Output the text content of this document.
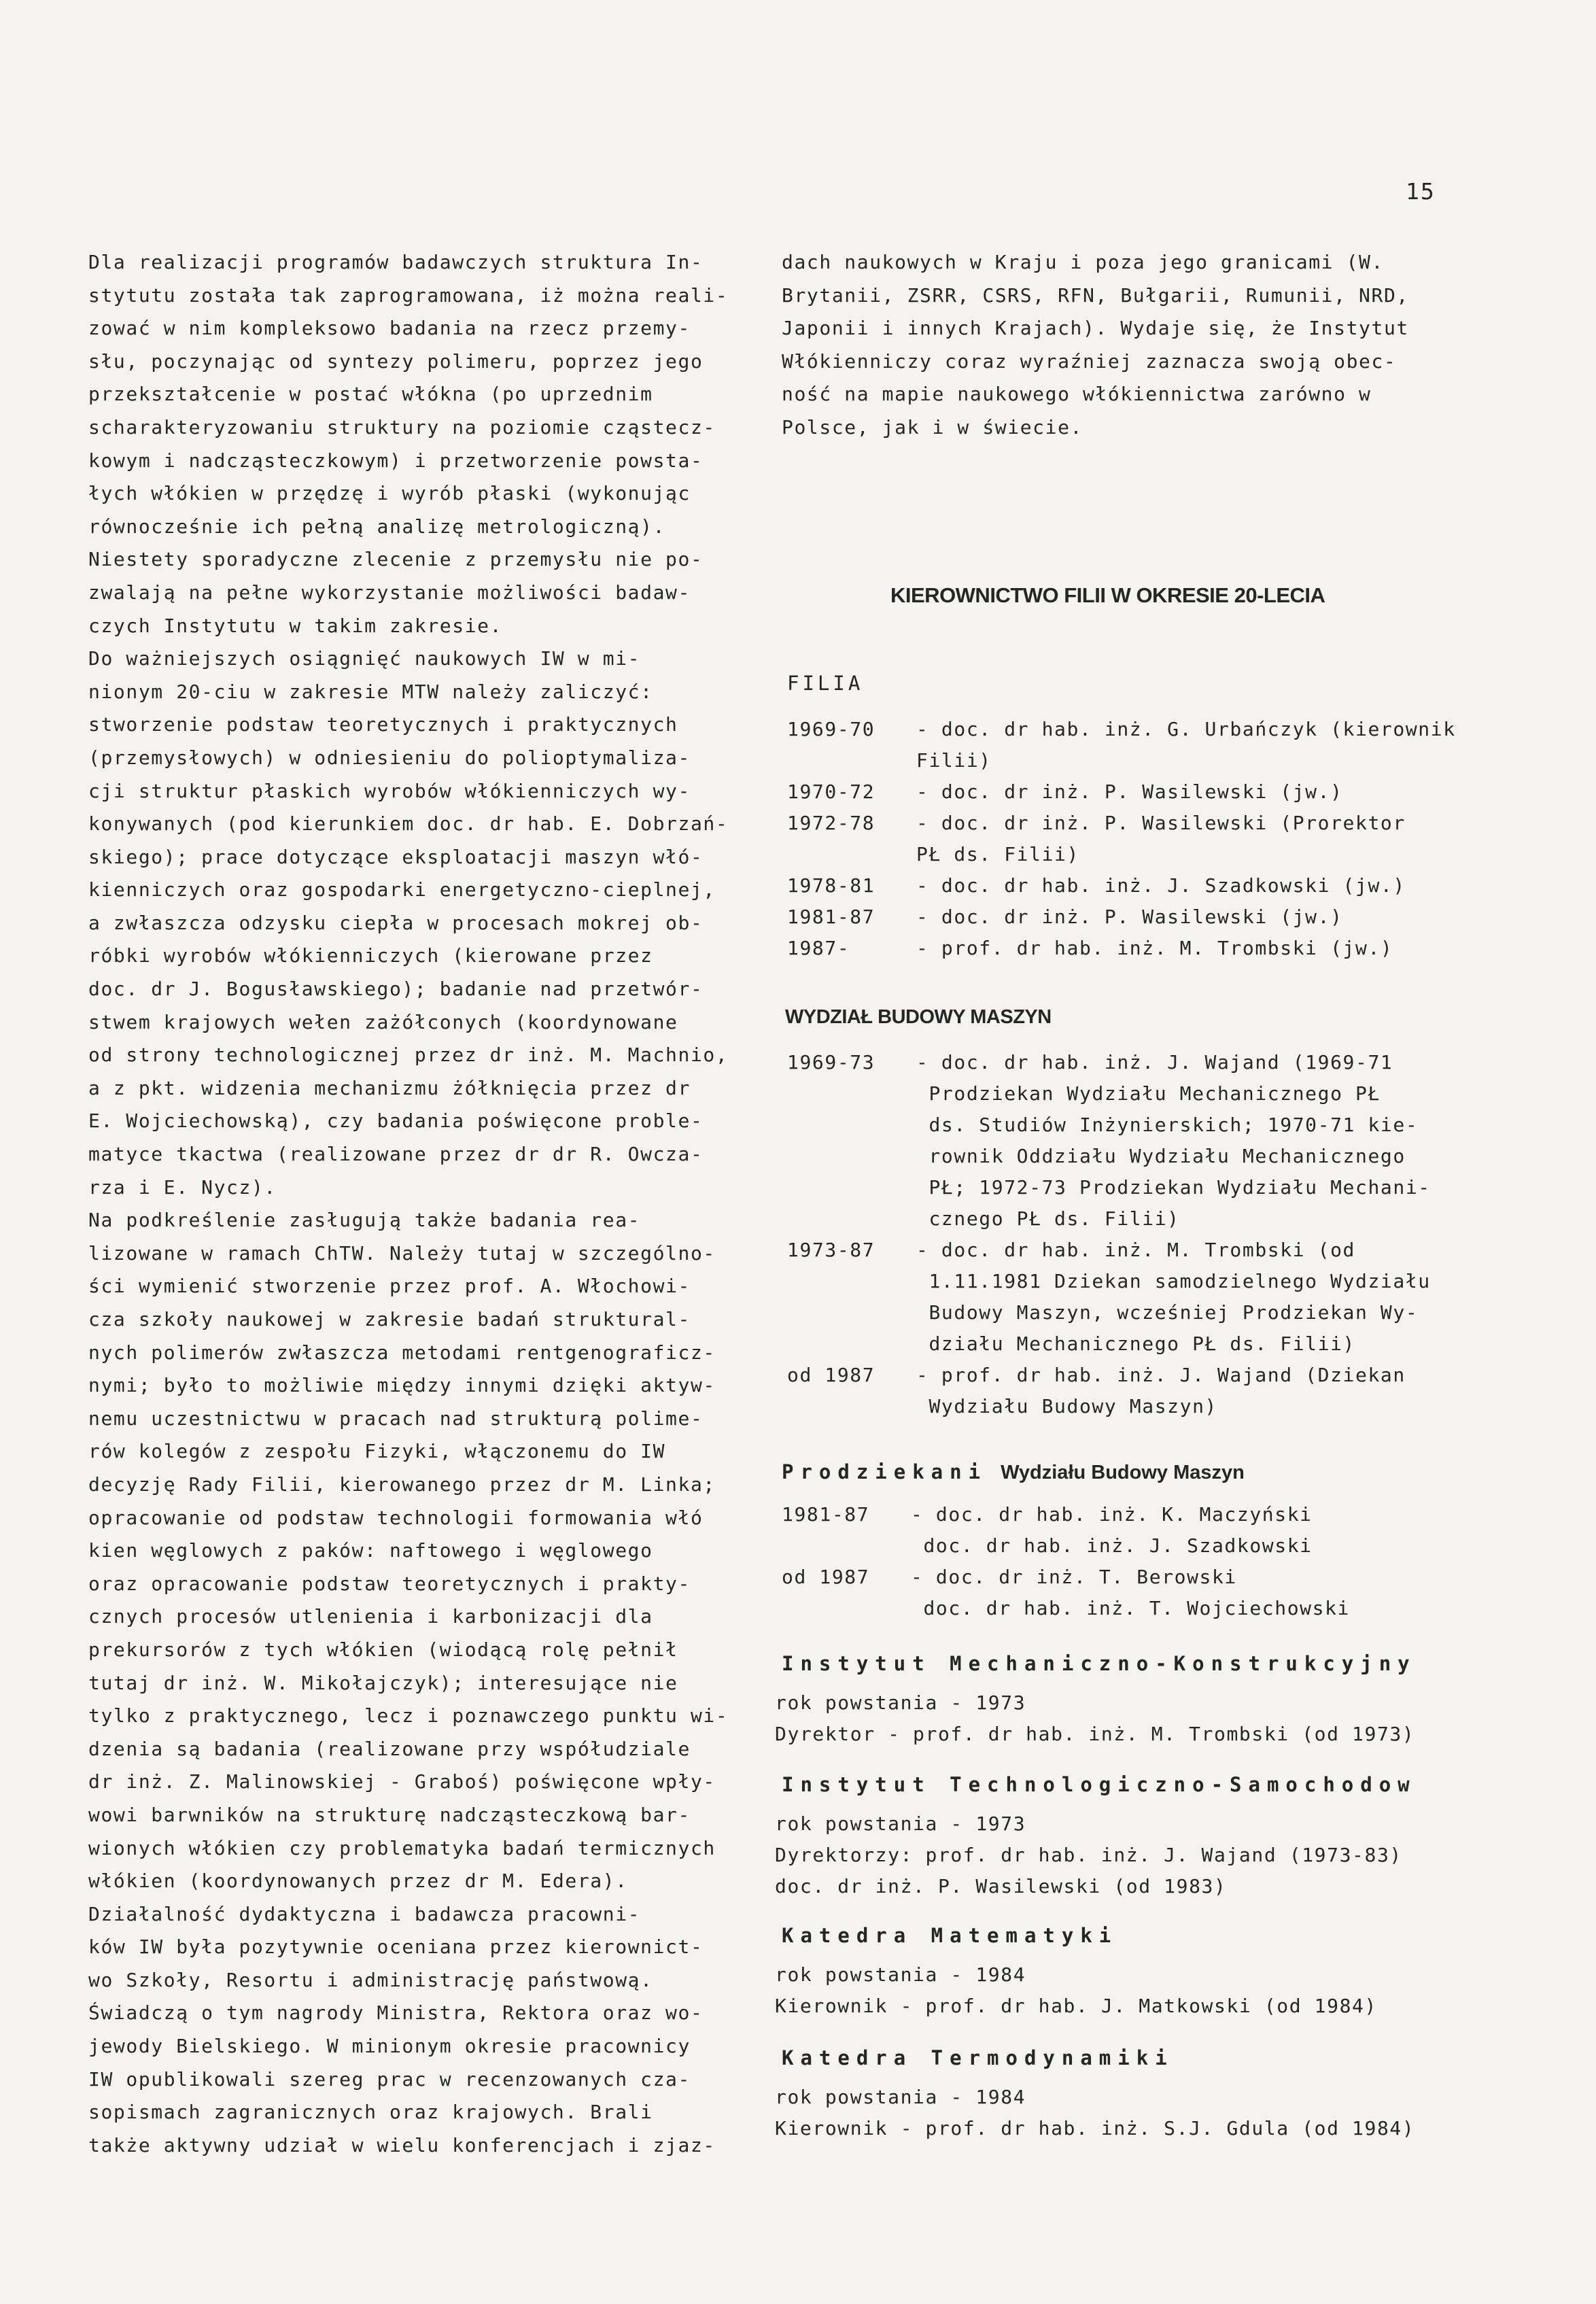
15
Dla realizacji programów badawczych struktura In-
stytutu została tak zaprogramowana, iż można reali-
zować w nim kompleksowo badania na rzecz przemy-
słu, poczynając od syntezy polimeru, poprzez jego
przekształcenie w postać włókna (po uprzednim
scharakteryzowaniu struktury na poziomie cząstecz-
kowym i nadcząsteczkowym) i przetworzenie powsta-
łych włókien w przędzę i wyrób płaski (wykonując
równocześnie ich pełną analizę metrologiczną).
Niestety sporadyczne zlecenie z przemysłu nie po-
zwalają na pełne wykorzystanie możliwości badaw-
czych Instytutu w takim zakresie.
Do ważniejszych osiągnięć naukowych IW w mi-
nionym 20-ciu w zakresie MTW należy zaliczyć:
stworzenie podstaw teoretycznych i praktycznych
(przemysłowych) w odniesieniu do polioptymaliza-
cji struktur płaskich wyrobów włókienniczych wy-
konywanych (pod kierunkiem doc. dr hab. E. Dobrzań-
skiego); prace dotyczące eksploatacji maszyn włó-
kienniczych oraz gospodarki energetyczno-cieplnej,
a zwłaszcza odzysku ciepła w procesach mokrej ob-
róbki wyrobów włókienniczych (kierowane przez
doc. dr J. Bogusławskiego); badanie nad przetwór-
stwem krajowych wełen zażółconych (koordynowane
od strony technologicznej przez dr inż. M. Machnio,
a z pkt. widzenia mechanizmu żółknięcia przez dr
E. Wojciechowską), czy badania poświęcone proble-
matyce tkactwa (realizowane przez dr dr R. Owcza-
rza i E. Nycz).
Na podkreślenie zasługują także badania rea-
lizowane w ramach ChTW. Należy tutaj w szczególno-
ści wymienić stworzenie przez prof. A. Włochowi-
cza szkoły naukowej w zakresie badań struktural-
nych polimerów zwłaszcza metodami rentgenograficz-
nymi; było to możliwie między innymi dzięki aktyw-
nemu uczestnictwu w pracach nad strukturą polime-
rów kolegów z zespołu Fizyki, włączonemu do IW
decyzję Rady Filii, kierowanego przez dr M. Linka;
opracowanie od podstaw technologii formowania włó
kien węglowych z paków: naftowego i węglowego
oraz opracowanie podstaw teoretycznych i prakty-
cznych procesów utlenienia i karbonizacji dla
prekursorów z tych włókien (wiodącą rolę pełnił
tutaj dr inż. W. Mikołajczyk); interesujące nie
tylko z praktycznego, lecz i poznawczego punktu wi-
dzenia są badania (realizowane przy współudziale
dr inż. Z. Malinowskiej - Graboś) poświęcone wpły-
wowi barwników na strukturę nadcząsteczkową bar-
wionych włókien czy problematyka badań termicznych
włókien (koordynowanych przez dr M. Edera).
Działalność dydaktyczna i badawcza pracowni-
ków IW była pozytywnie oceniana przez kierownict-
wo Szkoły, Resortu i administrację państwową.
Świadczą o tym nagrody Ministra, Rektora oraz wo-
jewody Bielskiego. W minionym okresie pracownicy
IW opublikowali szereg prac w recenzowanych cza-
sopismach zagranicznych oraz krajowych. Brali
także aktywny udział w wielu konferencjach i zjaz-
dach naukowych w Kraju i poza jego granicami (W.
Brytanii, ZSRR, CSRS, RFN, Bułgarii, Rumunii, NRD,
Japonii i innych Krajach). Wydaje się, że Instytut
Włókienniczy coraz wyraźniej zaznacza swoją obec-
ność na mapie naukowego włókiennictwa zarówno w
Polsce, jak i w świecie.
KIEROWNICTWO FILII W OKRESIE 20-LECIA
FILIA
1969-70 - doc. dr hab. inż. G. Urbańczyk (kierownik
Filii)
1970-72 - doc. dr inż. P. Wasilewski (jw.)
1972-78 - doc. dr inż. P. Wasilewski (Prorektor
PŁ ds. Filii)
1978-81 - doc. dr hab. inż. J. Szadkowski (jw.)
1981-87 - doc. dr inż. P. Wasilewski (jw.)
1987-	- prof. dr hab. inż. M. Trombski (jw.)
WYDZIAŁ BUDOWY MASZYN
1969-73 - doc. dr hab. inż. J. Wajand (1969-71
Prodziekan Wydziału Mechanicznego PŁ
ds. Studiów Inżynierskich; 1970-71 kie-
rownik Oddziału Wydziału Mechanicznego
PŁ; 1972-73 Prodziekan Wydziału Mechani-
cznego PŁ ds. Filii)
1973-87 - doc. dr hab. inż. M. Trombski (od
1.11.1981 Dziekan samodzielnego Wydziału
Budowy Maszyn, wcześniej Prodziekan Wy-
działu Mechanicznego PŁ ds. Filii)
od 1987 - prof. dr hab. inż. J. Wajand (Dziekan
Wydziału Budowy Maszyn)
Prodziekani Wydziału Budowy Maszyn
1981-87 - doc. dr hab. inż. K. Maczyński
doc. dr hab. inż. J. Szadkowski
od 1987 - doc. dr inż. T. Berowski
doc. dr hab. inż. T. Wojciechowski
Instytut Mechaniczno-Konstrukcyjny
rok powstania - 1973
Dyrektor - prof. dr hab. inż. M. Trombski (od 1973)
Instytut Technologiczno-Samochodow
rok powstania - 1973
Dyrektorzy: prof. dr hab. inż. J. Wajand (1973-83)
doc. dr inż. P. Wasilewski (od 1983)
Katedra Matematyki
rok powstania - 1984
Kierownik - prof. dr hab. J. Matkowski (od 1984)
Katedra Termodynamiki
rok powstania - 1984
Kierownik - prof. dr hab. inż. S.J. Gdula (od 1984)
